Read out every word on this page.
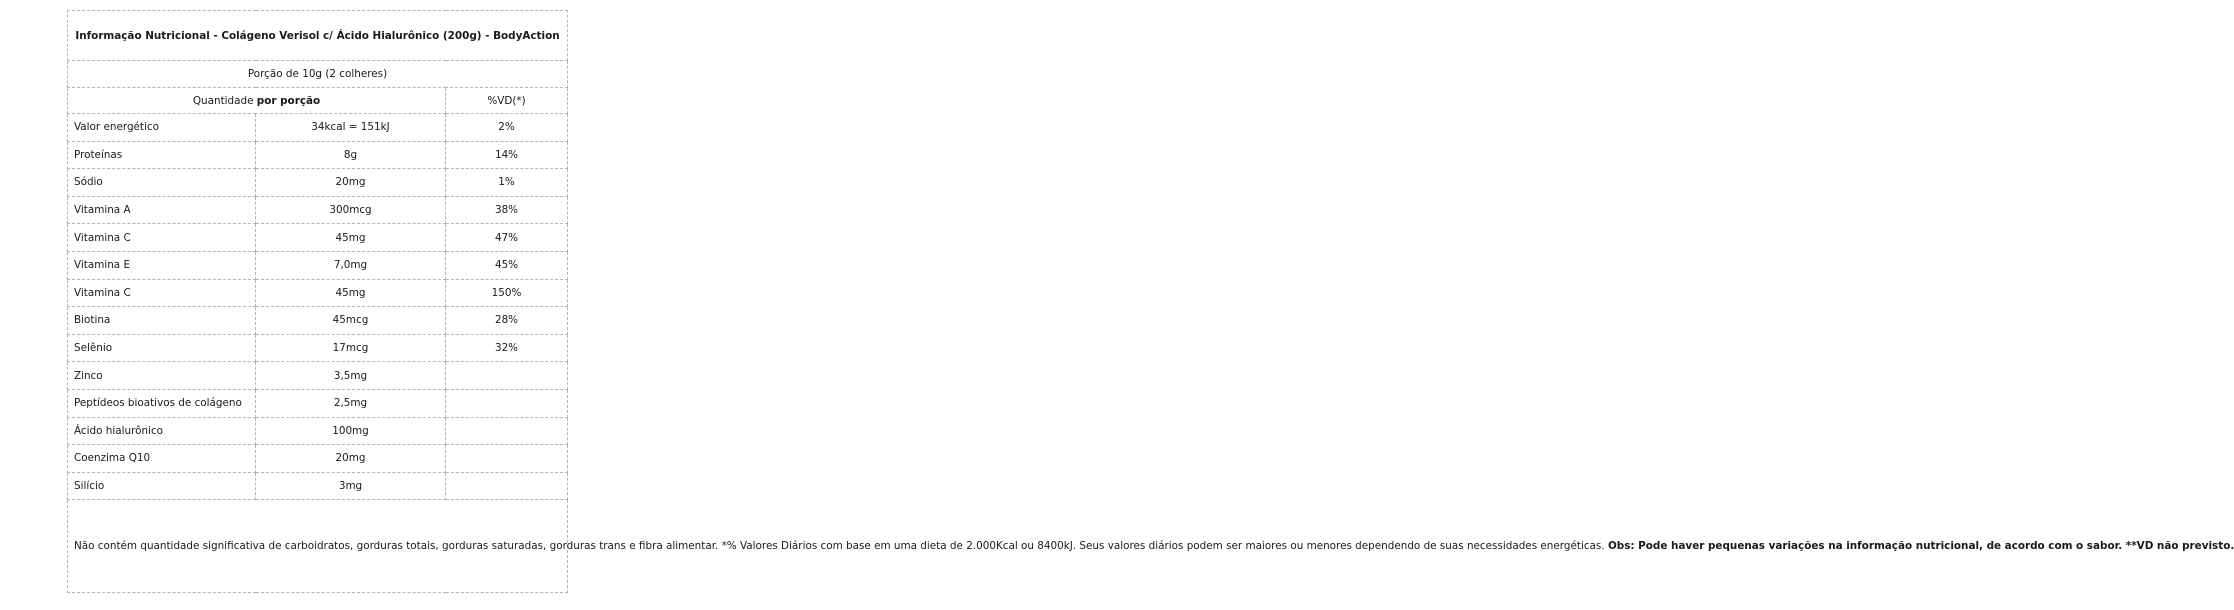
Informação Nutricional - Colágeno Verisol c/ Ácido Hialurônico (200g) - BodyAction		
Porção de 10g (2 colheres)		
Quantidade por porção		%VD(*)
Valor energético	34kcal = 151kJ	2%
Proteínas	8g	14%
Sódio	20mg	1%
Vitamina A	300mcg	38%
Vitamina C	45mg	47%
Vitamina E	7,0mg	45%
Vitamina C	45mg	150%
Biotina	45mcg	28%
Selênio	17mcg	32%
Zinco	3,5mg	
Peptídeos bioativos de colágeno	2,5mg	
Ácido hialurônico	100mg	
Coenzima Q10	20mg	
Silício	3mg	
Não contém quantidade significativa de carboidratos, gorduras totais, gorduras saturadas, gorduras trans e fibra alimentar. *% Valores Diários com base em uma dieta de 2.000Kcal ou 8400kJ. Seus valores diários podem ser maiores ou menores dependendo de suas necessidades energéticas. Obs: Pode haver pequenas variações na informação nutricional, de acordo com o sabor. **VD não previsto.		
